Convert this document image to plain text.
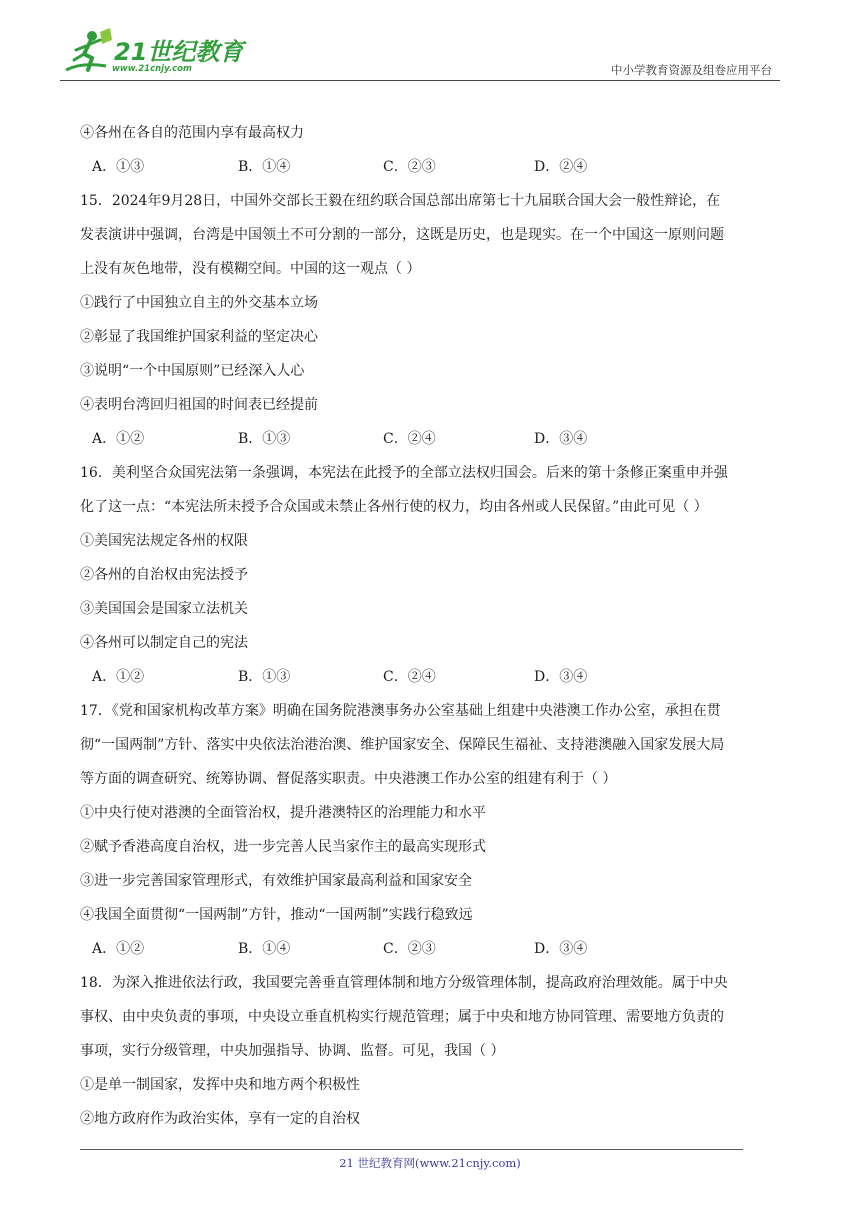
21世纪教育
www.21cnjy.com	中小学教育资源及组卷应用平台
④各州在各自的范围内享有最高权力
A．①③	B．①④	C．②③	D．②④
15．2024年9月28日，中国外交部长王毅在纽约联合国总部出席第七十九届联合国大会一般性辩论，在
发表演讲中强调，台湾是中国领土不可分割的一部分，这既是历史，也是现实。在一个中国这一原则问题
上没有灰色地带，没有模糊空间。中国的这一观点（ ）
①践行了中国独立自主的外交基本立场
②彰显了我国维护国家利益的坚定决心
③说明“一个中国原则”已经深入人心
④表明台湾回归祖国的时间表已经提前
A．①②	B．①③	C．②④	D．③④
16．美利坚合众国宪法第一条强调，本宪法在此授予的全部立法权归国会。后来的第十条修正案重申并强
化了这一点：“本宪法所未授予合众国或未禁止各州行使的权力，均由各州或人民保留。”由此可见（ ）
①美国宪法规定各州的权限
②各州的自治权由宪法授予
③美国国会是国家立法机关
④各州可以制定自己的宪法
A．①②	B．①③	C．②④	D．③④
17．《党和国家机构改革方案》明确在国务院港澳事务办公室基础上组建中央港澳工作办公室，承担在贯
彻“一国两制”方针、落实中央依法治港治澳、维护国家安全、保障民生福祉、支持港澳融入国家发展大局
等方面的调查研究、统筹协调、督促落实职责。中央港澳工作办公室的组建有利于（ ）
①中央行使对港澳的全面管治权，提升港澳特区的治理能力和水平
②赋予香港高度自治权，进一步完善人民当家作主的最高实现形式
③进一步完善国家管理形式，有效维护国家最高利益和国家安全
④我国全面贯彻“一国两制”方针，推动“一国两制”实践行稳致远
A．①②	B．①④	C．②③	D．③④
18．为深入推进依法行政，我国要完善垂直管理体制和地方分级管理体制，提高政府治理效能。属于中央
事权、由中央负责的事项，中央设立垂直机构实行规范管理；属于中央和地方协同管理、需要地方负责的
事项，实行分级管理，中央加强指导、协调、监督。可见，我国（ ）
①是单一制国家，发挥中央和地方两个积极性
②地方政府作为政治实体，享有一定的自治权
21 世纪教育网(www.21cnjy.com)
